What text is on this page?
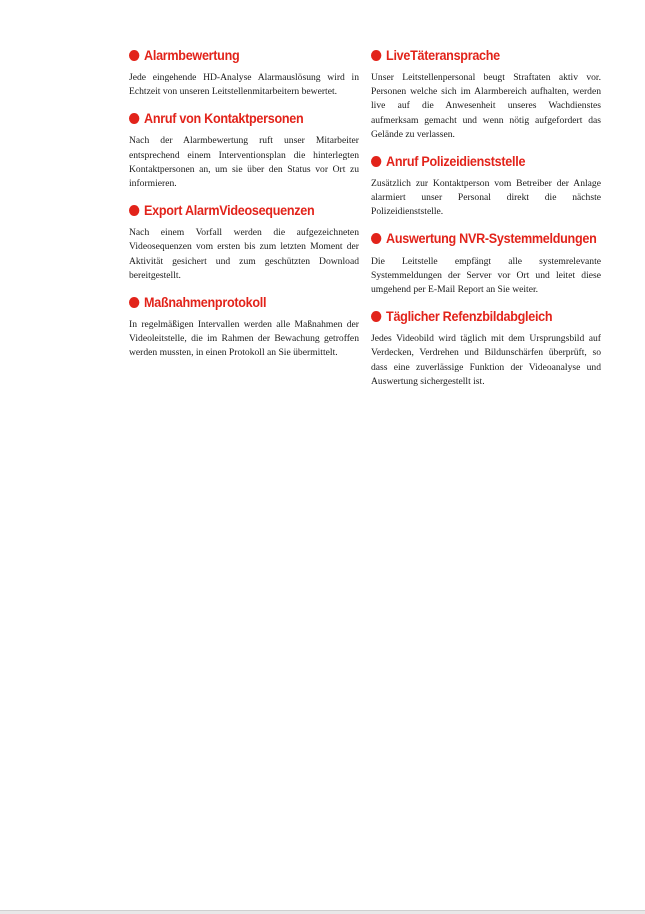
Alarmbewertung

Jede eingehende HD-Analyse Alarmauslösung wird in Echtzeit von unseren Leitstellenmitarbeitern bewertet.

Anruf von Kontaktpersonen

Nach der Alarmbewertung ruft unser Mitarbeiter entsprechend einem Interventionsplan die hinterlegten Kontaktpersonen an, um sie über den Status vor Ort zu informieren.

Export AlarmVideosequenzen

Nach einem Vorfall werden die aufgezeichneten Videosequenzen vom ersten bis zum letzten Moment der Aktivität gesichert und zum geschützten Download bereitgestellt.

Maßnahmenprotokoll

In regelmäßigen Intervallen werden alle Maßnahmen der Videoleitstelle, die im Rahmen der Bewachung getroffen werden mussten, in einen Protokoll an Sie übermittelt.

LiveTäteransprache

Unser Leitstellenpersonal beugt Straftaten aktiv vor. Personen welche sich im Alarmbereich aufhalten, werden live auf die Anwesenheit unseres Wachdienstes aufmerksam gemacht und wenn nötig aufgefordert das Gelände zu verlassen.

Anruf Polizeidienststelle

Zusätzlich zur Kontaktperson vom Betreiber der Anlage alarmiert unser Personal direkt die nächste Polizeidienststelle.

Auswertung NVR-Systemmeldungen

Die Leitstelle empfängt alle systemrelevante Systemmeldungen der Server vor Ort und leitet diese umgehend per E-Mail Report an Sie weiter.

Täglicher Refenzbildabgleich

Jedes Videobild wird täglich mit dem Ursprungsbild auf Verdecken, Verdrehen und Bildunschärfen überprüft, so dass eine zuverlässige Funktion der Videoanalyse und Auswertung sichergestellt ist.
